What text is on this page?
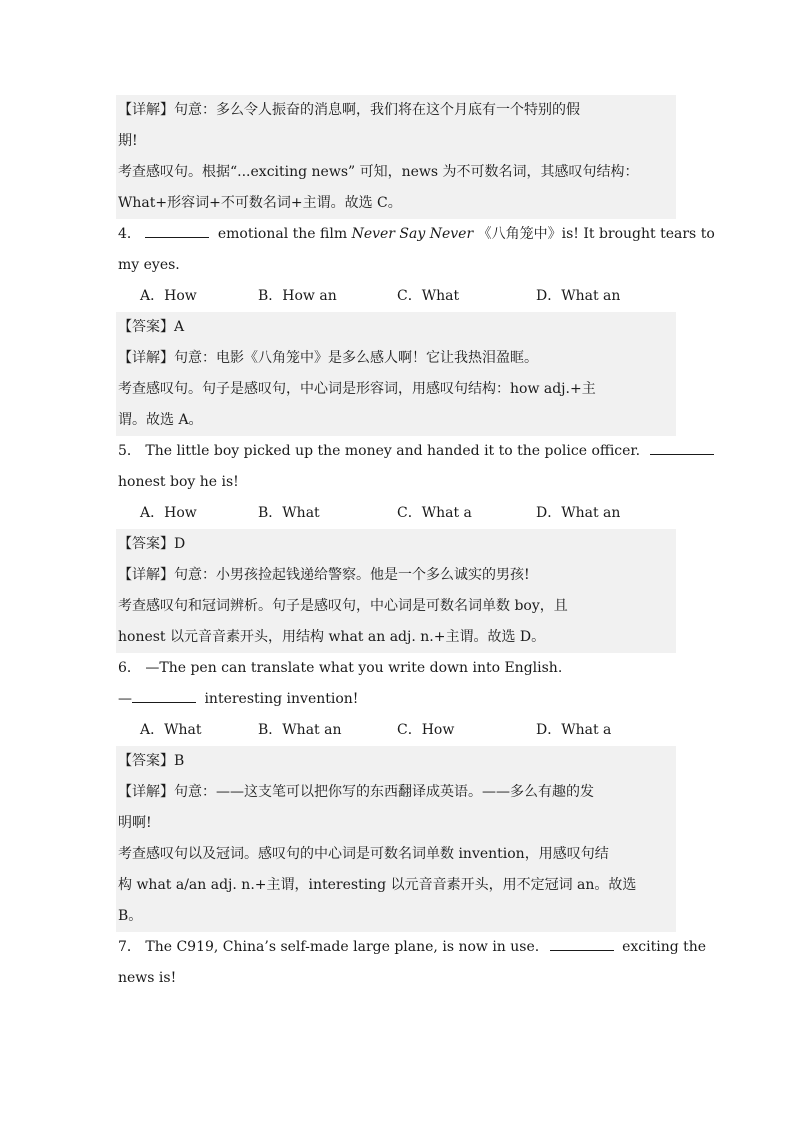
【详解】句意：多么令人振奋的消息啊，我们将在这个月底有一个特别的假
期!
考查感叹句。根据“...exciting news” 可知，news 为不可数名词，其感叹句结构：
What+形容词+不可数名词+主谓。故选 C。
4．	emotional the film Never Say Never 《八角笼中》is! It brought tears to
my eyes.
A．How	B．How an	C．What	D．What an
【答案】A
【详解】句意：电影《八角笼中》是多么感人啊！它让我热泪盈眶。
考查感叹句。句子是感叹句，中心词是形容词，用感叹句结构：how adj.+主
谓。故选 A。
5． The little boy picked up the money and handed it to the police officer.
honest boy he is!
A．How	B．What	C．What a	D．What an
【答案】D
【详解】句意：小男孩捡起钱递给警察。他是一个多么诚实的男孩!
考查感叹句和冠词辨析。句子是感叹句，中心词是可数名词单数 boy，且
honest 以元音音素开头，用结构 what an adj. n.+主谓。故选 D。
6． —The pen can translate what you write down into English.
—	interesting invention!
A．What	B．What an	C．How	D．What a
【答案】B
【详解】句意：——这支笔可以把你写的东西翻译成英语。——多么有趣的发
明啊!
考查感叹句以及冠词。感叹句的中心词是可数名词单数 invention，用感叹句结
构 what a/an adj. n.+主谓，interesting 以元音音素开头，用不定冠词 an。故选
B。
7． The C919, China’s self-made large plane, is now in use.	exciting the
news is!
